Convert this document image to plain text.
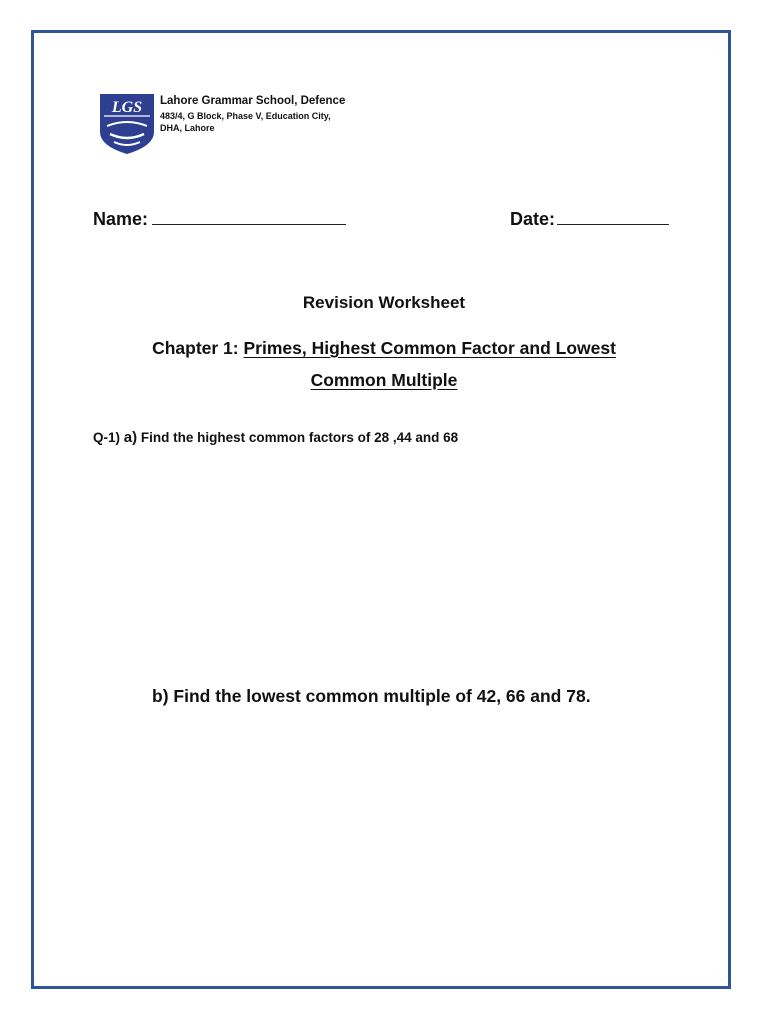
LGS Lahore Grammar School, Defence
483/4, G Block, Phase V, Education City,
DHA, Lahore
Name:	Date:
Revision Worksheet
Chapter 1: Primes, Highest Common Factor and Lowest
Common Multiple
Q-1) a) Find the highest common factors of 28 ,44 and 68
b) Find the lowest common multiple of 42, 66 and 78.
